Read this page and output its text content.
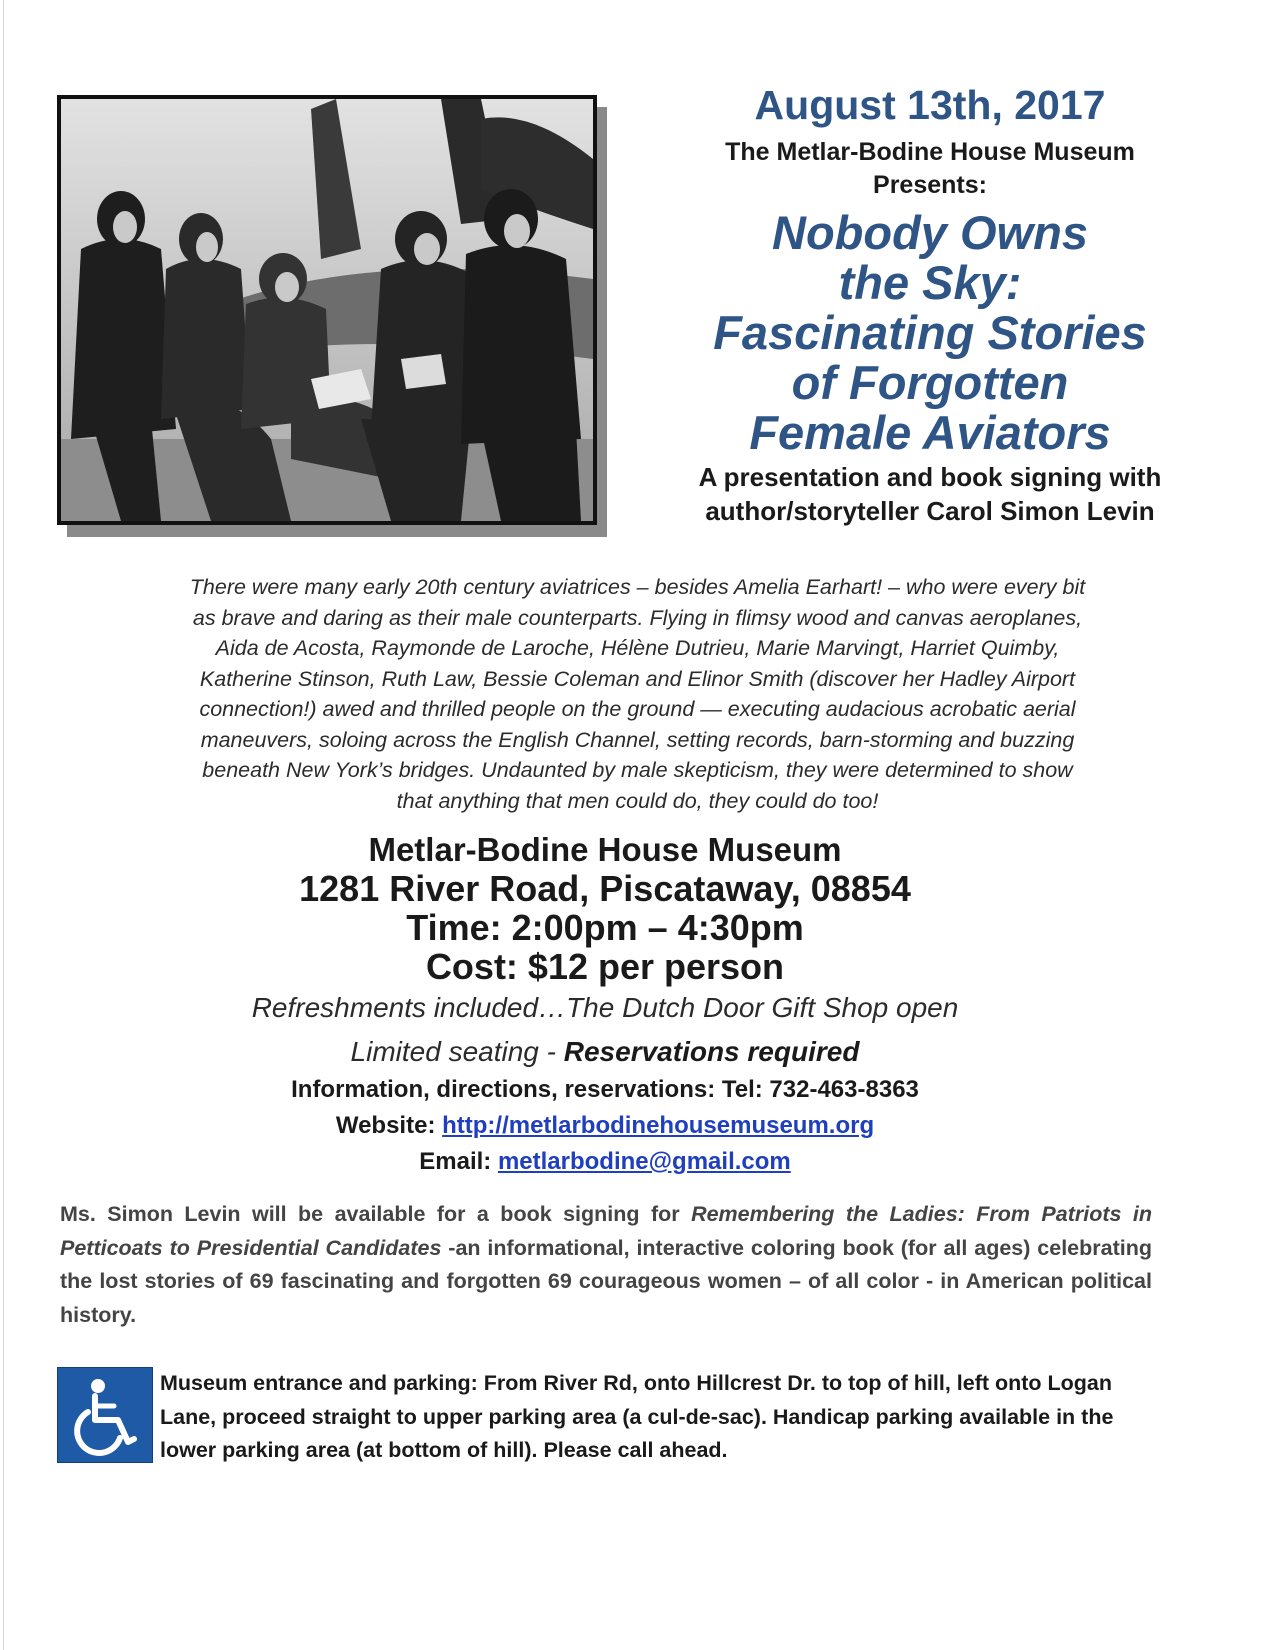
August 13th, 2017
The Metlar-Bodine House Museum
Presents:
Nobody Owns
the Sky:
Fascinating Stories
of Forgotten
Female Aviators
A presentation and book signing with
author/storyteller Carol Simon Levin
There were many early 20th century aviatrices – besides Amelia Earhart! – who were every bit
as brave and daring as their male counterparts. Flying in flimsy wood and canvas aeroplanes,
Aida de Acosta, Raymonde de Laroche, Hélène Dutrieu, Marie Marvingt, Harriet Quimby,
Katherine Stinson, Ruth Law, Bessie Coleman and Elinor Smith (discover her Hadley Airport
connection!) awed and thrilled people on the ground — executing audacious acrobatic aerial
maneuvers, soloing across the English Channel, setting records, barn-storming and buzzing
beneath New York’s bridges. Undaunted by male skepticism, they were determined to show
that anything that men could do, they could do too!
Metlar-Bodine House Museum
1281 River Road, Piscataway, 08854
Time: 2:00pm – 4:30pm
Cost: $12 per person
Refreshments included…The Dutch Door Gift Shop open
Limited seating - Reservations required
Information, directions, reservations: Tel: 732-463-8363
Website: http://metlarbodinehousemuseum.org
Email: metlarbodine@gmail.com
Ms. Simon Levin will be available for a book signing for Remembering the Ladies: From Patriots in Petticoats to Presidential Candidates -an informational, interactive coloring book (for all ages) celebrating the lost stories of 69 fascinating and forgotten 69 courageous women – of all color - in American political history.
Museum entrance and parking: From River Rd, onto Hillcrest Dr. to top of hill, left onto Logan Lane, proceed straight to upper parking area (a cul-de-sac). Handicap parking available in the lower parking area (at bottom of hill). Please call ahead.
